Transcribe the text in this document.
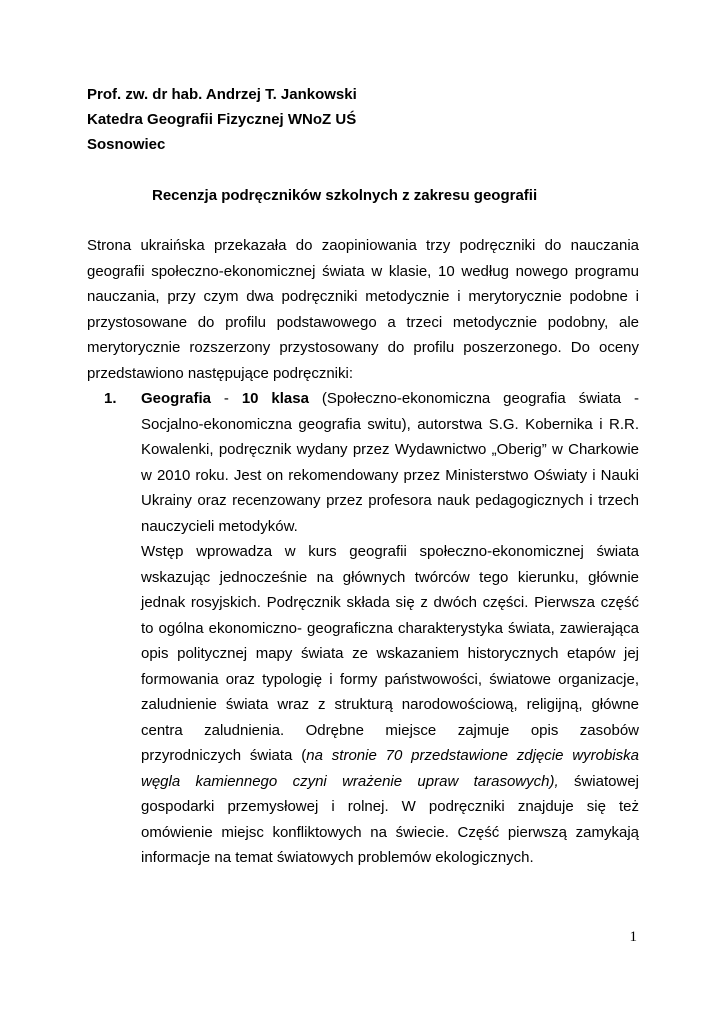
Prof. zw. dr hab. Andrzej T. Jankowski
Katedra Geografii Fizycznej WNoZ UŚ
Sosnowiec
Recenzja podręczników szkolnych z zakresu geografii

Strona ukraińska przekazała do zaopiniowania trzy podręczniki do nauczania geografii społeczno-ekonomicznej świata w klasie, 10 według nowego programu nauczania, przy czym dwa podręczniki metodycznie i merytorycznie podobne i przystosowane do profilu podstawowego a trzeci metodycznie podobny, ale merytorycznie rozszerzony przystosowany do profilu poszerzonego. Do oceny przedstawiono następujące podręczniki:

1. Geografia - 10 klasa (Społeczno-ekonomiczna geografia świata - Socjalno-ekonomiczna geografia switu), autorstwa S.G. Kobernika i R.R. Kowalenki, podręcznik wydany przez Wydawnictwo „Oberig” w Charkowie w 2010 roku. Jest on rekomendowany przez Ministerstwo Oświaty i Nauki Ukrainy oraz recenzowany przez profesora nauk pedagogicznych i trzech nauczycieli metodyków.

Wstęp wprowadza w kurs geografii społeczno-ekonomicznej świata wskazując jednocześnie na głównych twórców tego kierunku, głównie jednak rosyjskich. Podręcznik składa się z dwóch części. Pierwsza część to ogólna ekonomiczno- geograficzna charakterystyka świata, zawierająca opis politycznej mapy świata ze wskazaniem historycznych etapów jej formowania oraz typologię i formy państwowości, światowe organizacje, zaludnienie świata wraz z strukturą narodowościową, religijną, główne centra zaludnienia. Odrębne miejsce zajmuje opis zasobów przyrodniczych świata (na stronie 70 przedstawione zdjęcie wyrobiska węgla kamiennego czyni wrażenie upraw tarasowych), światowej gospodarki przemysłowej i rolnej. W podręczniki znajduje się też omówienie miejsc konfliktowych na świecie. Część pierwszą zamykają informacje na temat światowych problemów ekologicznych.

1
